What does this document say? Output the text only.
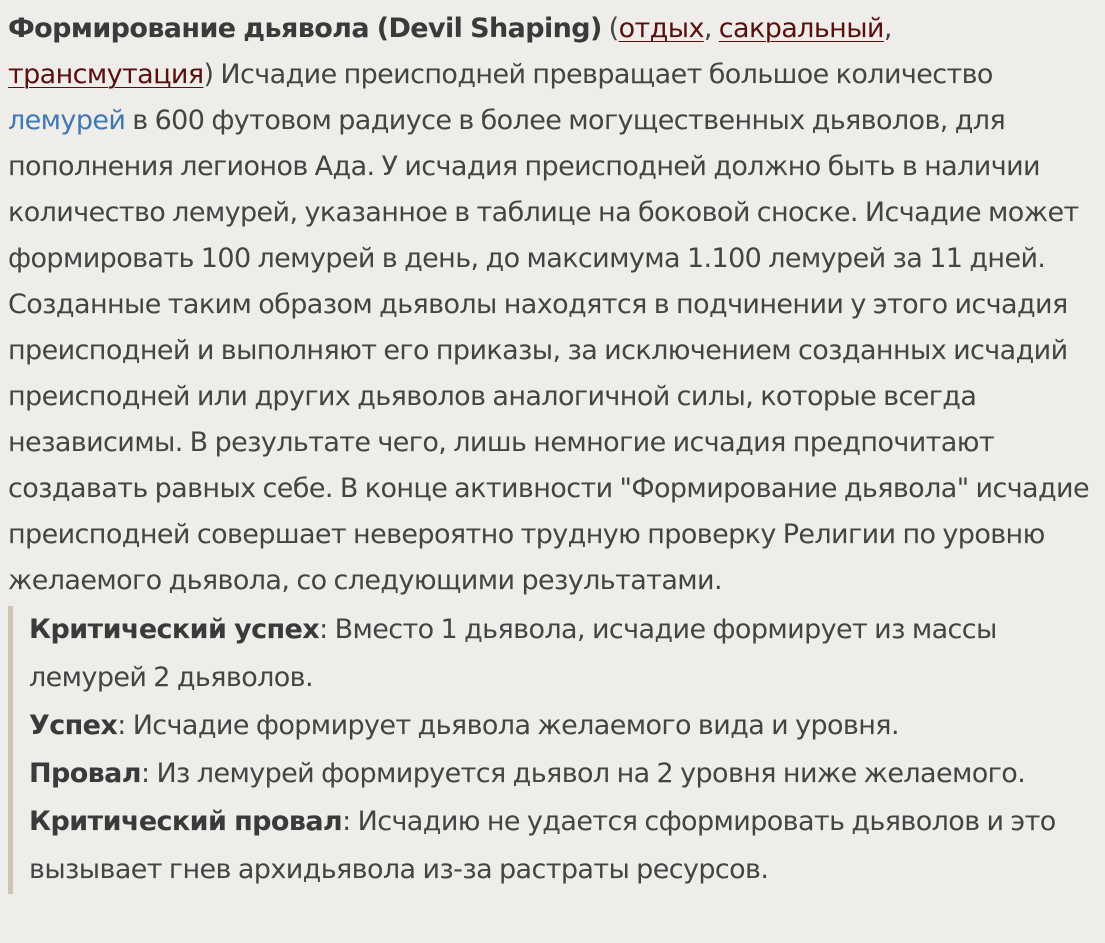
Формирование дьявола (Devil Shaping) (отдых, сакральный, трансмутация) Исчадие преисподней превращает большое количество лемурей в 600 футовом радиусе в более могущественных дьяволов, для пополнения легионов Ада. У исчадия преисподней должно быть в наличии количество лемурей, указанное в таблице на боковой сноске. Исчадие может формировать 100 лемурей в день, до максимума 1.100 лемурей за 11 дней. Созданные таким образом дьяволы находятся в подчинении у этого исчадия преисподней и выполняют его приказы, за исключением созданных исчадий преисподней или других дьяволов аналогичной силы, которые всегда независимы. В результате чего, лишь немногие исчадия предпочитают создавать равных себе. В конце активности "Формирование дьявола" исчадие преисподней совершает невероятно трудную проверку Религии по уровню желаемого дьявола, со следующими результатами.

Критический успех: Вместо 1 дьявола, исчадие формирует из массы лемурей 2 дьяволов.

Успех: Исчадие формирует дьявола желаемого вида и уровня.

Провал: Из лемурей формируется дьявол на 2 уровня ниже желаемого.

Критический провал: Исчадию не удается сформировать дьяволов и это вызывает гнев архидьявола из-за растраты ресурсов.
